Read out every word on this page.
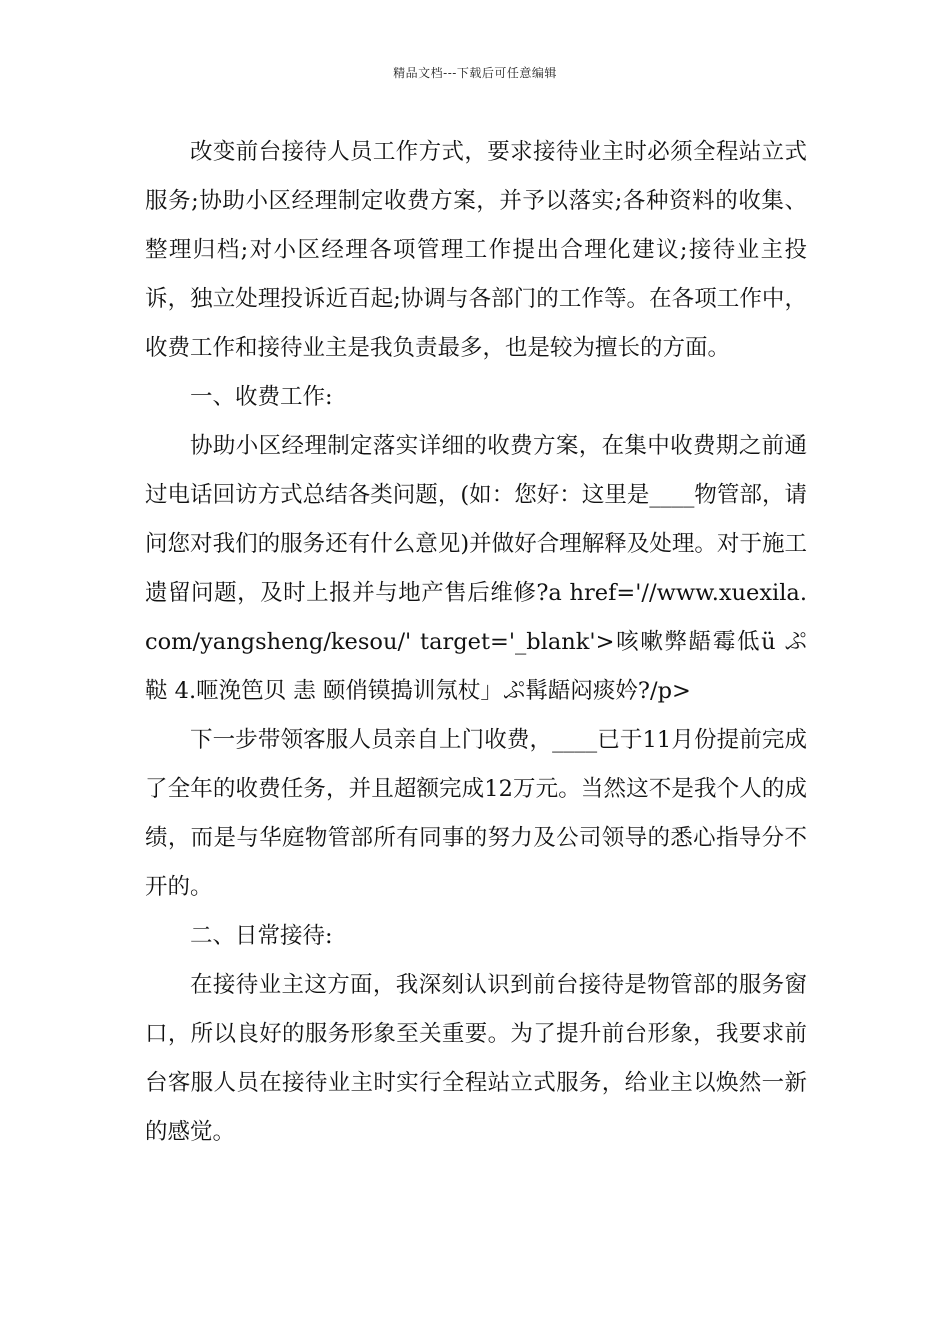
精品文档---下载后可任意编辑

改变前台接待人员工作方式，要求接待业主时必须全程站立式服务;协助小区经理制定收费方案，并予以落实;各种资料的收集、整理归档;对小区经理各项管理工作提出合理化建议;接待业主投诉，独立处理投诉近百起;协调与各部门的工作等。在各项工作中，收费工作和接待业主是我负责最多，也是较为擅长的方面。

一、收费工作:

协助小区经理制定落实详细的收费方案，在集中收费期之前通过电话回访方式总结各类问题，(如：您好：这里是____物管部，请问您对我们的服务还有什么意见)并做好合理解释及处理。对于施工遗留问题，及时上报并与地产售后维修?a href='//www.xuexila.com/yangsheng/kesou/' target='_blank'>咳嗽弊龉霉低ü ぷ鞑 4.咂浼笆贝 恚 颐俏镆搗训氖杖」ぷ髯龉闷痰妗?/p>

下一步带领客服人员亲自上门收费，____已于11月份提前完成了全年的收费任务，并且超额完成12万元。当然这不是我个人的成绩，而是与华庭物管部所有同事的努力及公司领导的悉心指导分不开的。

二、日常接待:

在接待业主这方面，我深刻认识到前台接待是物管部的服务窗口，所以良好的服务形象至关重要。为了提升前台形象，我要求前台客服人员在接待业主时实行全程站立式服务，给业主以焕然一新的感觉。
